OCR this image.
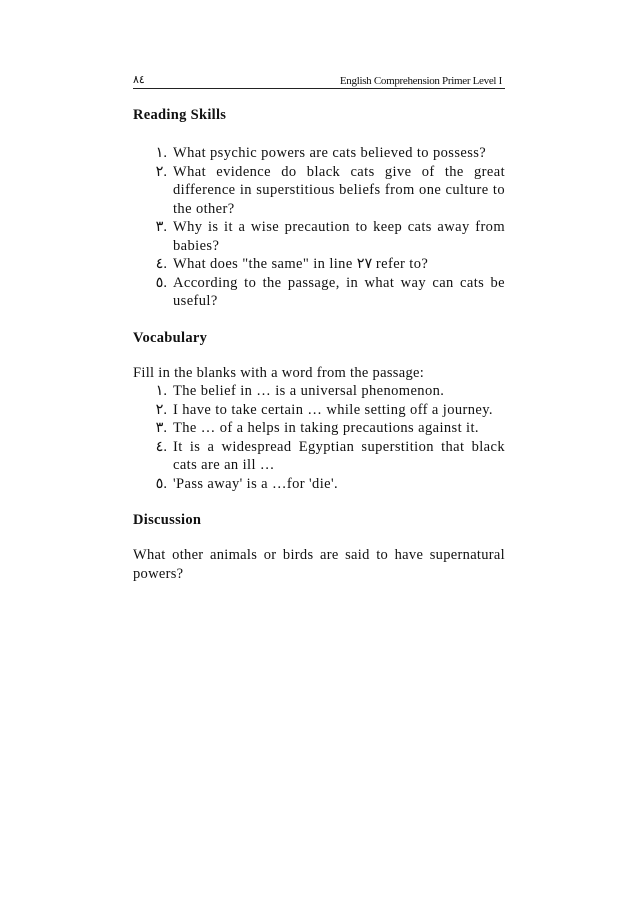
٨٤	English Comprehension Primer Level I
Reading Skills
١. What psychic powers are cats believed to possess?
٢. What evidence do black cats give of the great difference in superstitious beliefs from one culture to the other?
٣. Why is it a wise precaution to keep cats away from babies?
٤. What does "the same" in line ٢٧ refer to?
٥. According to the passage, in what way can cats be useful?
Vocabulary

Fill in the blanks with a word from the passage:

١. The belief in … is a universal phenomenon.
٢. I have to take certain … while setting off a journey.
٣. The … of a helps in taking precautions against it.
٤. It is a widespread Egyptian superstition that black cats are an ill …
٥. 'Pass away' is a …for 'die'.
Discussion

What other animals or birds are said to have supernatural powers?
